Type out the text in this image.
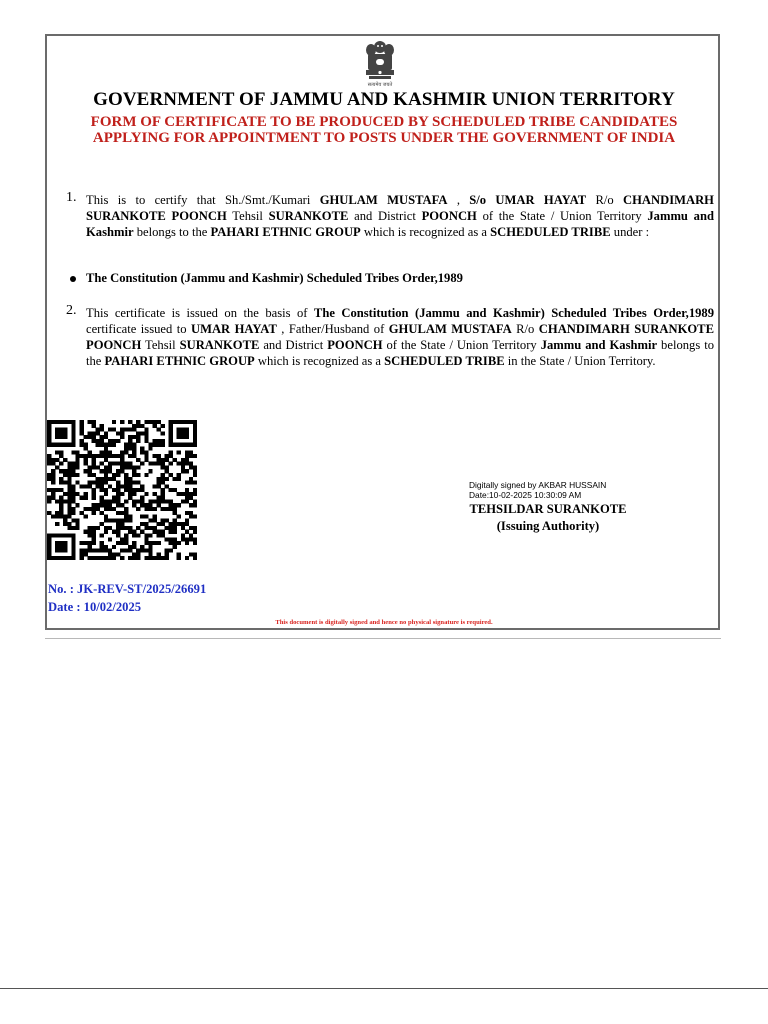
सत्यमेव जयते
GOVERNMENT OF JAMMU AND KASHMIR UNION TERRITORY
FORM OF CERTIFICATE TO BE PRODUCED BY SCHEDULED TRIBE CANDIDATES
APPLYING FOR APPOINTMENT TO POSTS UNDER THE GOVERNMENT OF INDIA
1. This is to certify that Sh./Smt./Kumari GHULAM MUSTAFA , S/o UMAR HAYAT R/o CHANDIMARH SURANKOTE POONCH Tehsil SURANKOTE and District POONCH of the State / Union Territory Jammu and Kashmir belongs to the PAHARI ETHNIC GROUP which is recognized as a SCHEDULED TRIBE under :
The Constitution (Jammu and Kashmir) Scheduled Tribes Order,1989
2. This certificate is issued on the basis of The Constitution (Jammu and Kashmir) Scheduled Tribes Order,1989 certificate issued to UMAR HAYAT , Father/Husband of GHULAM MUSTAFA R/o CHANDIMARH SURANKOTE POONCH Tehsil SURANKOTE and District POONCH of the State / Union Territory Jammu and Kashmir belongs to the PAHARI ETHNIC GROUP which is recognized as a SCHEDULED TRIBE in the State / Union Territory.
Digitally signed by AKBAR HUSSAIN
Date:10-02-2025 10:30:09 AM
TEHSILDAR SURANKOTE
(Issuing Authority)
No. : JK-REV-ST/2025/26691
Date : 10/02/2025
This document is digitally signed and hence no physical signature is required.
